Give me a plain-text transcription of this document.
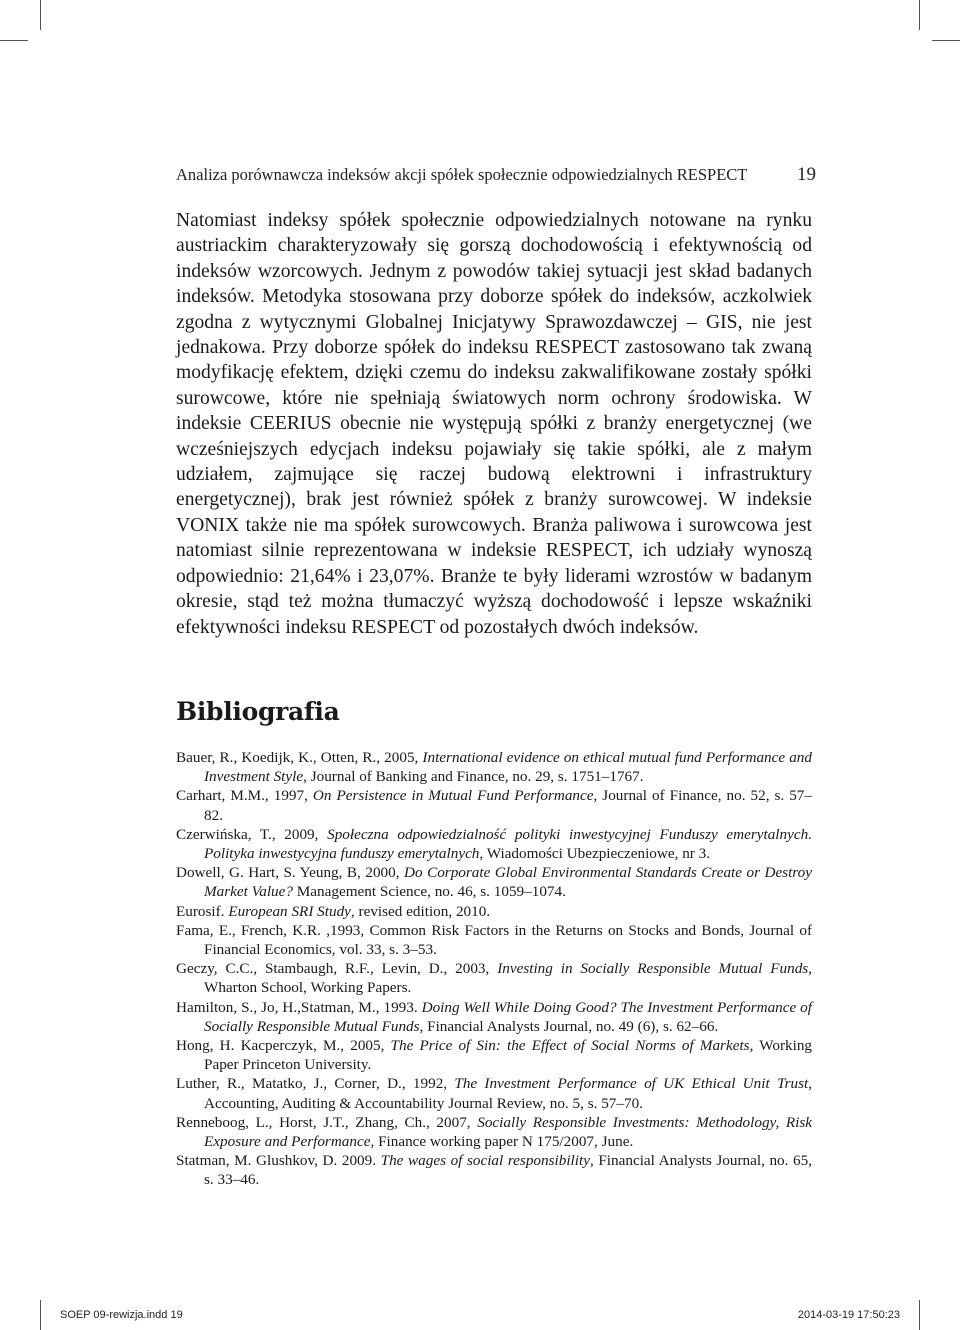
Analiza porównawcza indeksów akcji spółek społecznie odpowiedzialnych RESPECT	19

Natomiast indeksy spółek społecznie odpowiedzialnych notowane na rynku austriackim charakteryzowały się gorszą dochodowością i efektywnością od indeksów wzorcowych. Jednym z powodów takiej sytuacji jest skład badanych indeksów. Metodyka stosowana przy doborze spółek do indeksów, aczkolwiek zgodna z wytycznymi Globalnej Inicjatywy Sprawozdawczej – GIS, nie jest jednakowa. Przy doborze spółek do indeksu RESPECT zastosowano tak zwaną modyfikację efektem, dzięki czemu do indeksu zakwalifikowane zostały spółki surowcowe, które nie spełniają światowych norm ochrony środowiska. W indeksie CEERIUS obecnie nie występują spółki z branży energetycznej (we wcześniejszych edycjach indeksu pojawiały się takie spółki, ale z małym udziałem, zajmujące się raczej budową elektrowni i infrastruktury energetycznej), brak jest również spółek z branży surowcowej. W indeksie VONIX także nie ma spółek surowcowych. Branża paliwowa i surowcowa jest natomiast silnie reprezentowana w indeksie RESPECT, ich udziały wynoszą odpowiednio: 21,64% i 23,07%. Branże te były liderami wzrostów w badanym okresie, stąd też można tłumaczyć wyższą dochodowość i lepsze wskaźniki efektywności indeksu RESPECT od pozostałych dwóch indeksów.

Bibliografia
Bauer, R., Koedijk, K., Otten, R., 2005, International evidence on ethical mutual fund Performance and Investment Style, Journal of Banking and Finance, no. 29, s. 1751–1767.
Carhart, M.M., 1997, On Persistence in Mutual Fund Performance, Journal of Finance, no. 52, s. 57–82.
Czerwińska, T., 2009, Społeczna odpowiedzialność polityki inwestycyjnej Funduszy emerytalnych. Polityka inwestycyjna funduszy emerytalnych, Wiadomości Ubezpieczeniowe, nr 3.
Dowell, G. Hart, S. Yeung, B, 2000, Do Corporate Global Environmental Standards Create or Destroy Market Value? Management Science, no. 46, s. 1059–1074.
Eurosif. European SRI Study, revised edition, 2010.
Fama, E., French, K.R. ,1993, Common Risk Factors in the Returns on Stocks and Bonds, Journal of Financial Economics, vol. 33, s. 3–53.
Geczy, C.C., Stambaugh, R.F., Levin, D., 2003, Investing in Socially Responsible Mutual Funds, Wharton School, Working Papers.
Hamilton, S., Jo, H.,Statman, M., 1993. Doing Well While Doing Good? The Investment Performance of Socially Responsible Mutual Funds, Financial Analysts Journal, no. 49 (6), s. 62–66.
Hong, H. Kacperczyk, M., 2005, The Price of Sin: the Effect of Social Norms of Markets, Working Paper Princeton University.
Luther, R., Matatko, J., Corner, D., 1992, The Investment Performance of UK Ethical Unit Trust, Accounting, Auditing & Accountability Journal Review, no. 5, s. 57–70.
Renneboog, L., Horst, J.T., Zhang, Ch., 2007, Socially Responsible Investments: Methodology, Risk Exposure and Performance, Finance working paper N 175/2007, June.
Statman, M. Glushkov, D. 2009. The wages of social responsibility, Financial Analysts Journal, no. 65, s. 33–46.
SOEP 09-rewizja.indd 19	2014-03-19 17:50:23
